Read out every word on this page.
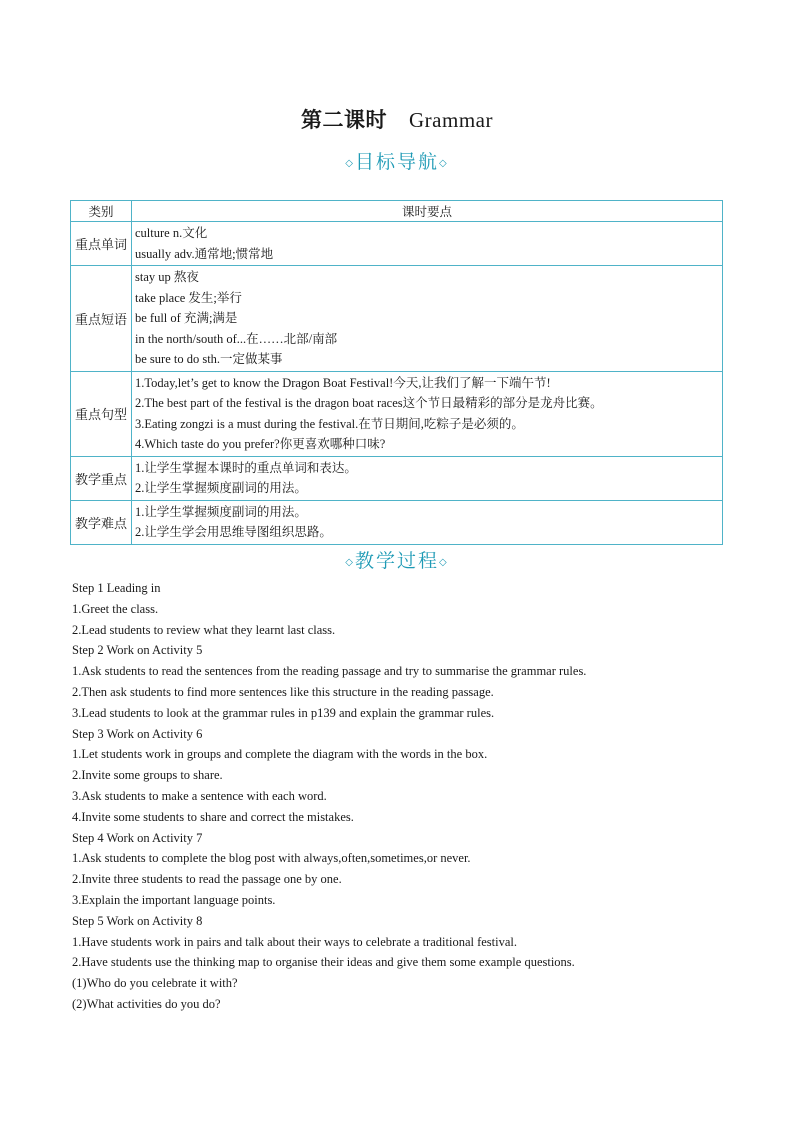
第二课时 Grammar
◇目标导航◇
类别	课时要点
重点单词	culture n.文化
usually adv.通常地;惯常地

重点短语	stay up 熬夜
take place 发生;举行
be full of 充满;满是
in the north/south of...在……北部/南部
be sure to do sth.一定做某事

重点句型	1.Today,let’s get to know the Dragon Boat Festival!今天,让我们了解一下端午节!
2.The best part of the festival is the dragon boat races这个节日最精彩的部分是龙舟比赛。
3.Eating zongzi is a must during the festival.在节日期间,吃粽子是必须的。
4.Which taste do you prefer?你更喜欢哪种口味?

教学重点	1.让学生掌握本课时的重点单词和表达。
2.让学生掌握频度副词的用法。

教学难点	1.让学生掌握频度副词的用法。
2.让学生学会用思维导图组织思路。
◇教学过程◇
Step 1 Leading in
1.Greet the class.
2.Lead students to review what they learnt last class.
Step 2 Work on Activity 5
1.Ask students to read the sentences from the reading passage and try to summarise the grammar rules.
2.Then ask students to find more sentences like this structure in the reading passage.
3.Lead students to look at the grammar rules in p139 and explain the grammar rules.
Step 3 Work on Activity 6
1.Let students work in groups and complete the diagram with the words in the box.
2.Invite some groups to share.
3.Ask students to make a sentence with each word.
4.Invite some students to share and correct the mistakes.
Step 4 Work on Activity 7
1.Ask students to complete the blog post with always,often,sometimes,or never.
2.Invite three students to read the passage one by one.
3.Explain the important language points.
Step 5 Work on Activity 8
1.Have students work in pairs and talk about their ways to celebrate a traditional festival.
2.Have students use the thinking map to organise their ideas and give them some example questions.
(1)Who do you celebrate it with?
(2)What activities do you do?
